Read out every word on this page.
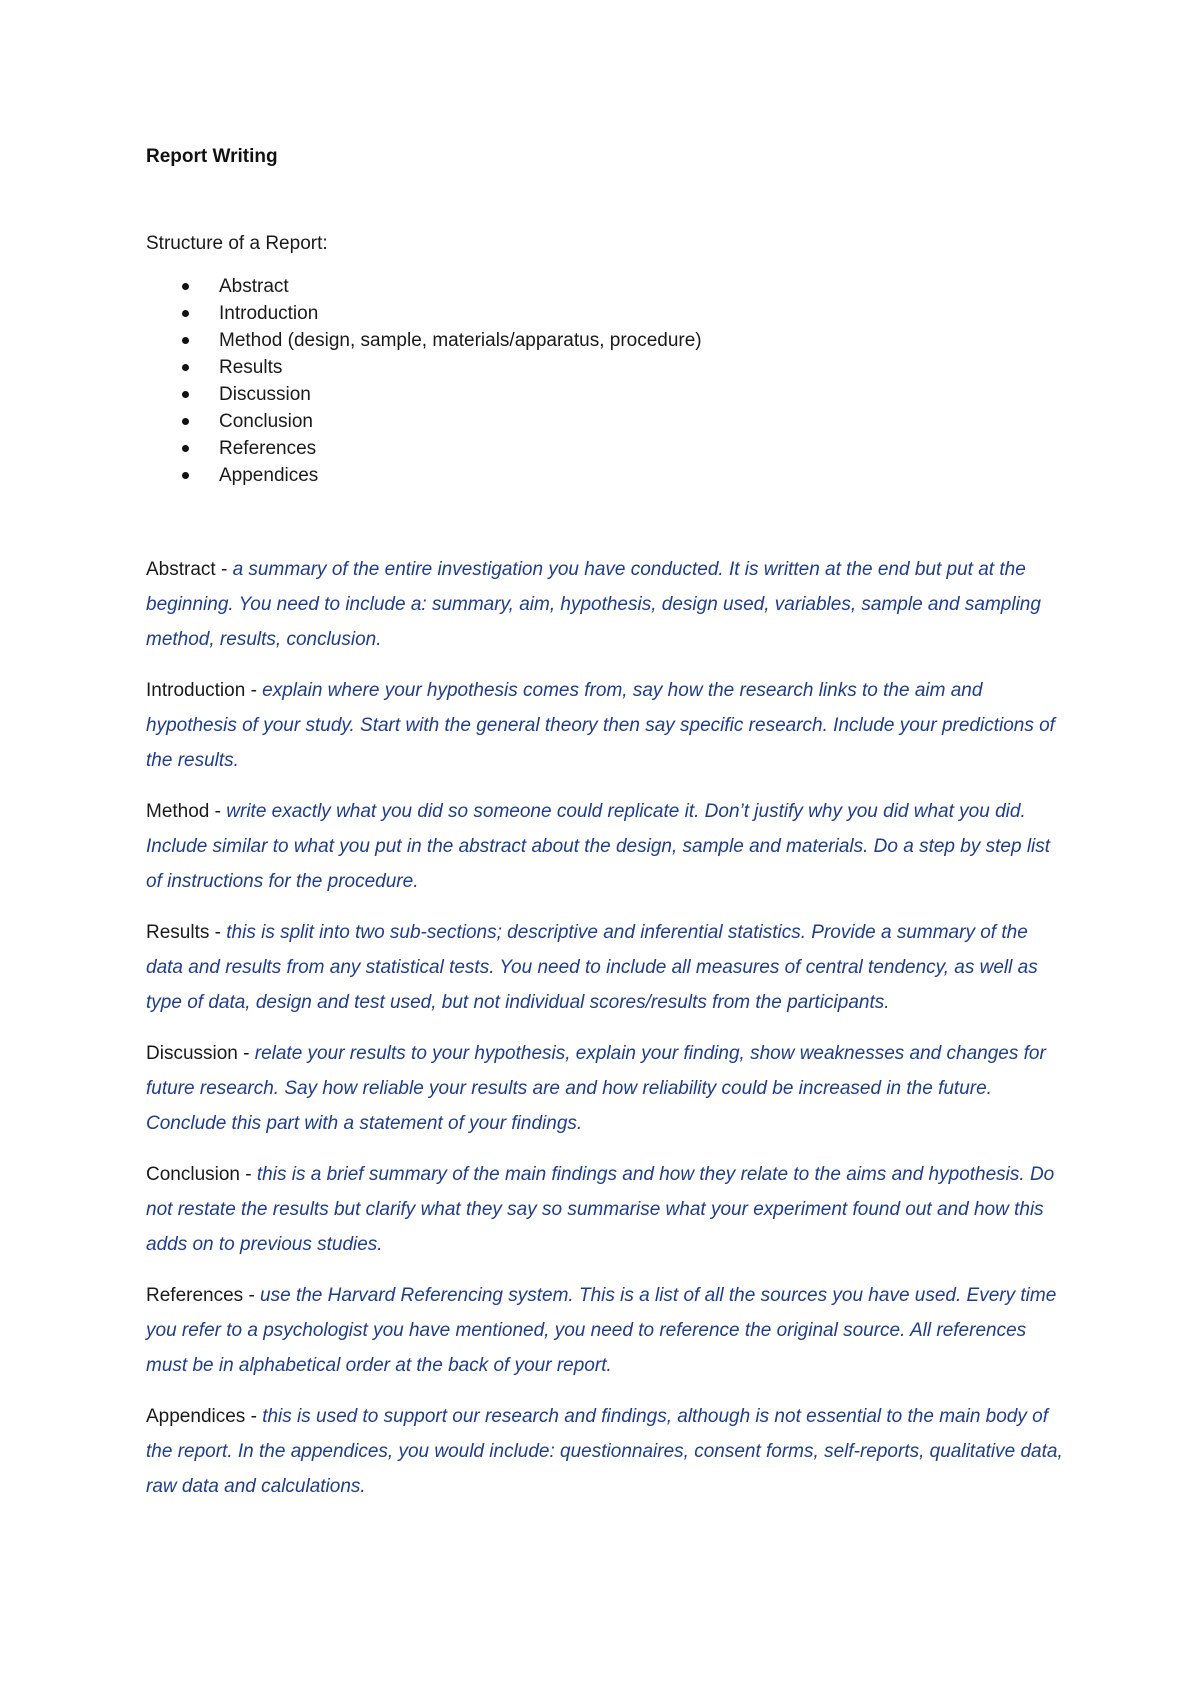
Report Writing

Structure of a Report:

Abstract
Introduction
Method (design, sample, materials/apparatus, procedure)
Results
Discussion
Conclusion
References
Appendices

Abstract - a summary of the entire investigation you have conducted. It is written at the end but put at the beginning. You need to include a: summary, aim, hypothesis, design used, variables, sample and sampling method, results, conclusion.

Introduction - explain where your hypothesis comes from, say how the research links to the aim and hypothesis of your study. Start with the general theory then say specific research. Include your predictions of the results.

Method - write exactly what you did so someone could replicate it. Don’t justify why you did what you did. Include similar to what you put in the abstract about the design, sample and materials. Do a step by step list of instructions for the procedure.

Results - this is split into two sub-sections; descriptive and inferential statistics. Provide a summary of the data and results from any statistical tests. You need to include all measures of central tendency, as well as type of data, design and test used, but not individual scores/results from the participants.

Discussion - relate your results to your hypothesis, explain your finding, show weaknesses and changes for future research. Say how reliable your results are and how reliability could be increased in the future. Conclude this part with a statement of your findings.

Conclusion - this is a brief summary of the main findings and how they relate to the aims and hypothesis. Do not restate the results but clarify what they say so summarise what your experiment found out and how this adds on to previous studies.

References - use the Harvard Referencing system. This is a list of all the sources you have used. Every time you refer to a psychologist you have mentioned, you need to reference the original source. All references must be in alphabetical order at the back of your report.

Appendices - this is used to support our research and findings, although is not essential to the main body of the report. In the appendices, you would include: questionnaires, consent forms, self-reports, qualitative data, raw data and calculations.
